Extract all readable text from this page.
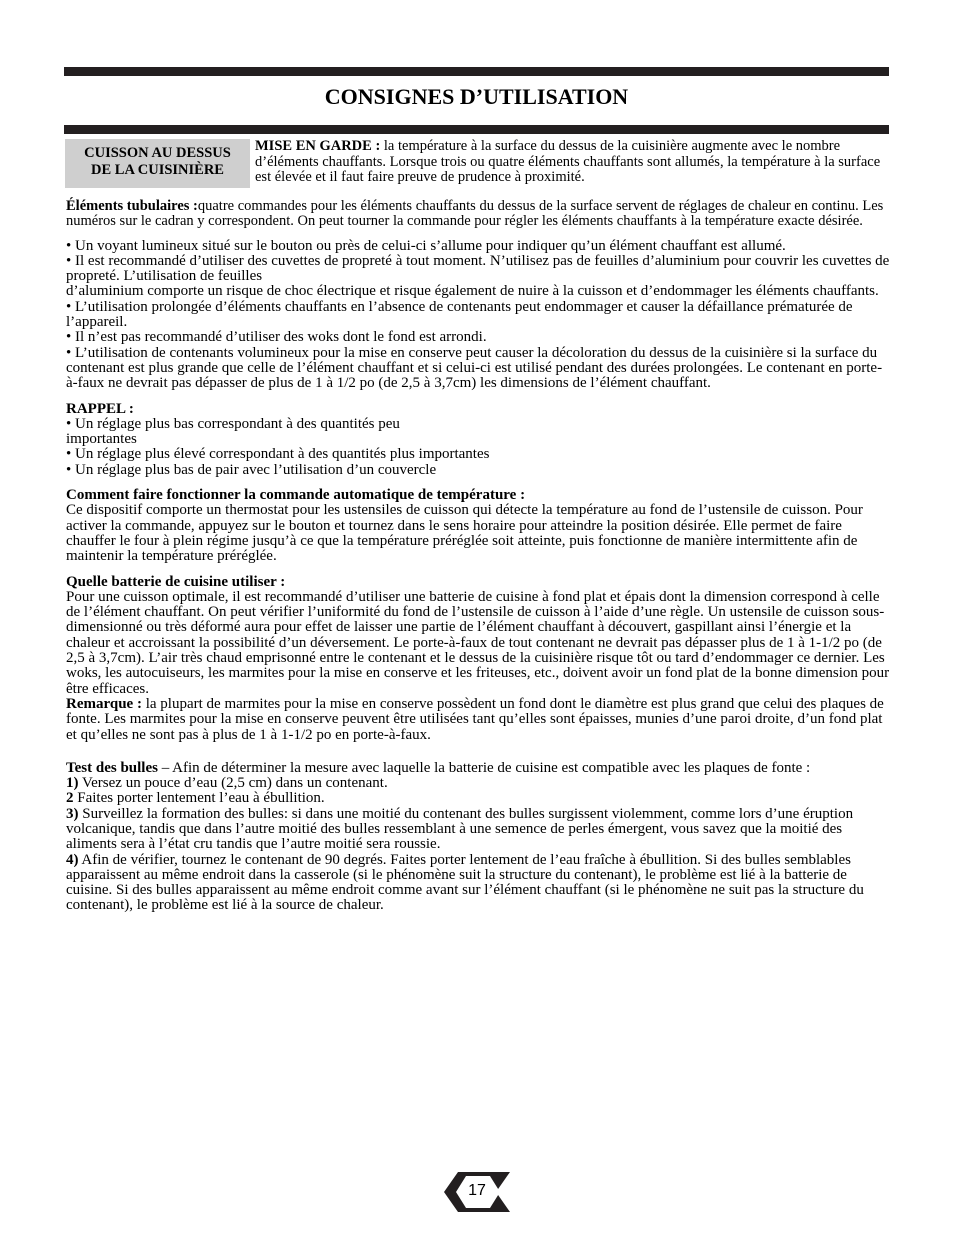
CONSIGNES D’UTILISATION
CUISSON AU DESSUS
DE LA CUISINIÈRE
MISE EN GARDE : la température à la surface du dessus de la cuisinière augmente avec le nombre d’éléments chauffants. Lorsque trois ou quatre éléments chauffants sont allumés, la température à la surface est élevée et il faut faire preuve de prudence à proximité.

Éléments tubulaires :quatre commandes pour les éléments chauffants du dessus de la surface servent de réglages de chaleur en continu. Les numéros sur le cadran y correspondent. On peut tourner la commande pour régler les éléments chauffants à la température exacte désirée.

• Un voyant lumineux situé sur le bouton ou près de celui-ci s’allume pour indiquer qu’un élément chauffant est allumé.

• Il est recommandé d’utiliser des cuvettes de propreté à tout moment. N’utilisez pas de feuilles d’aluminium pour couvrir les cuvettes de propreté. L’utilisation de feuilles

d’aluminium comporte un risque de choc électrique et risque également de nuire à la cuisson et d’endommager les éléments chauffants.

• L’utilisation prolongée d’éléments chauffants en l’absence de contenants peut endommager et causer la défaillance prématurée de l’appareil.

• Il n’est pas recommandé d’utiliser des woks dont le fond est arrondi.

• L’utilisation de contenants volumineux pour la mise en conserve peut causer la décoloration du dessus de la cuisinière si la surface du contenant est plus grande que celle de l’élément chauffant et si celui-ci est utilisé pendant des durées prolongées. Le contenant en porte-à-faux ne devrait pas dépasser de plus de 1 à 1/2 po (de 2,5 à 3,7cm) les dimensions de l’élément chauffant.

RAPPEL :

• Un réglage plus bas correspondant à des quantités peu

importantes

• Un réglage plus élevé correspondant à des quantités plus importantes

• Un réglage plus bas de pair avec l’utilisation d’un couvercle

Comment faire fonctionner la commande automatique de température :

Ce dispositif comporte un thermostat pour les ustensiles de cuisson qui détecte la température au fond de l’ustensile de cuisson. Pour activer la commande, appuyez sur le bouton et tournez dans le sens horaire pour atteindre la position désirée. Elle permet de faire chauffer le four à plein régime jusqu’à ce que la température préréglée soit atteinte, puis fonctionne de manière intermittente afin de maintenir la température préréglée.

Quelle batterie de cuisine utiliser :

Pour une cuisson optimale, il est recommandé d’utiliser une batterie de cuisine à fond plat et épais dont la dimension correspond à celle de l’élément chauffant. On peut vérifier l’uniformité du fond de l’ustensile de cuisson à l’aide d’une règle. Un ustensile de cuisson sous-dimensionné ou très déformé aura pour effet de laisser une partie de l’élément chauffant à découvert, gaspillant ainsi l’énergie et la chaleur et accroissant la possibilité d’un déversement. Le porte-à-faux de tout contenant ne devrait pas dépasser plus de 1 à 1-1/2 po (de 2,5 à 3,7cm). L’air très chaud emprisonné entre le contenant et le dessus de la cuisinière risque tôt ou tard d’endommager ce dernier. Les woks, les autocuiseurs, les marmites pour la mise en conserve et les friteuses, etc., doivent avoir un fond plat de la bonne dimension pour être efficaces.

Remarque : la plupart de marmites pour la mise en conserve possèdent un fond dont le diamètre est plus grand que celui des plaques de fonte. Les marmites pour la mise en conserve peuvent être utilisées tant qu’elles sont épaisses, munies d’une paroi droite, d’un fond plat et qu’elles ne sont pas à plus de 1 à 1-1/2 po en porte-à-faux.

Test des bulles – Afin de déterminer la mesure avec laquelle la batterie de cuisine est compatible avec les plaques de fonte :

1) Versez un pouce d’eau (2,5 cm) dans un contenant.

2 Faites porter lentement l’eau à ébullition.

3) Surveillez la formation des bulles: si dans une moitié du contenant des bulles surgissent violemment, comme lors d’une éruption volcanique, tandis que dans l’autre moitié des bulles ressemblant à une semence de perles émergent, vous savez que la moitié des aliments sera à l’état cru tandis que l’autre moitié sera roussie.

4) Afin de vérifier, tournez le contenant de 90 degrés. Faites porter lentement de l’eau fraîche à ébullition. Si des bulles semblables apparaissent au même endroit dans la casserole (si le phénomène suit la structure du contenant), le problème est lié à la batterie de cuisine. Si des bulles apparaissent au même endroit comme avant sur l’élément chauffant (si le phénomène ne suit pas la structure du contenant), le problème est lié à la source de chaleur.

17
